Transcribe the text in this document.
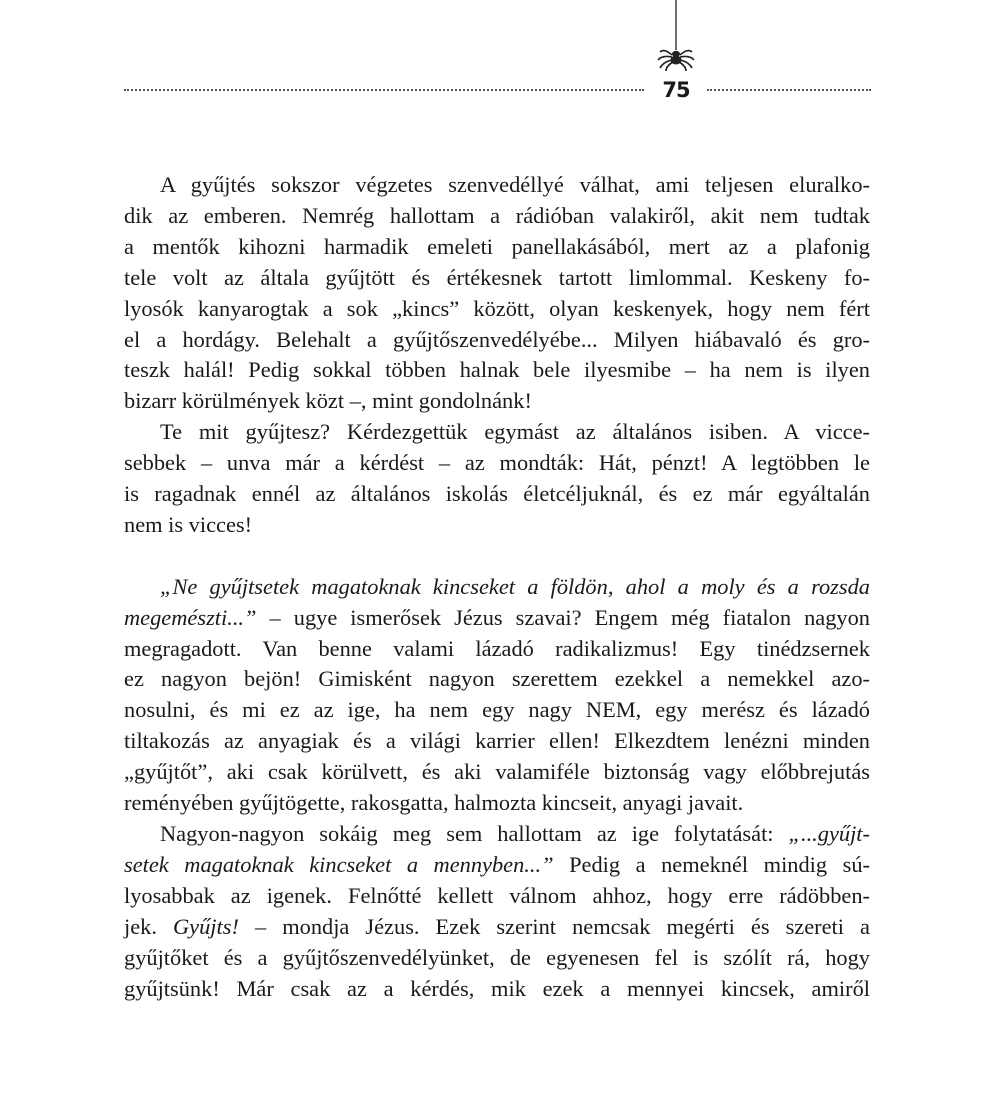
75
A gyűjtés sokszor végzetes szenvedéllyé válhat, ami teljesen eluralko-
dik az emberen. Nemrég hallottam a rádióban valakiről, akit nem tudtak
a mentők kihozni harmadik emeleti panellakásából, mert az a plafonig
tele volt az általa gyűjtött és értékesnek tartott limlommal. Keskeny fo-
lyosók kanyarogtak a sok „kincs” között, olyan keskenyek, hogy nem fért
el a hordágy. Belehalt a gyűjtőszenvedélyébe... Milyen hiábavaló és gro-
teszk halál! Pedig sokkal többen halnak bele ilyesmibe – ha nem is ilyen
bizarr körülmények közt –, mint gondolnánk!
Te mit gyűjtesz? Kérdezgettük egymást az általános isiben. A vicce-
sebbek – unva már a kérdést – az mondták: Hát, pénzt! A legtöbben le
is ragadnak ennél az általános iskolás életcéljuknál, és ez már egyáltalán
nem is vicces!
„Ne gyűjtsetek magatoknak kincseket a földön, ahol a moly és a rozsda
megemészti...” – ugye ismerősek Jézus szavai? Engem még fiatalon nagyon
megragadott. Van benne valami lázadó radikalizmus! Egy tinédzsernek
ez nagyon bejön! Gimisként nagyon szerettem ezekkel a nemekkel azo-
nosulni, és mi ez az ige, ha nem egy nagy NEM, egy merész és lázadó
tiltakozás az anyagiak és a világi karrier ellen! Elkezdtem lenézni minden
„gyűjtőt”, aki csak körülvett, és aki valamiféle biztonság vagy előbbrejutás
reményében gyűjtögette, rakosgatta, halmozta kincseit, anyagi javait.
Nagyon-nagyon sokáig meg sem hallottam az ige folytatását: „...gyűjt-
setek magatoknak kincseket a mennyben...” Pedig a nemeknél mindig sú-
lyosabbak az igenek. Felnőtté kellett válnom ahhoz, hogy erre rádöbben-
jek. Gyűjts! – mondja Jézus. Ezek szerint nemcsak megérti és szereti a
gyűjtőket és a gyűjtőszenvedélyünket, de egyenesen fel is szólít rá, hogy
gyűjtsünk! Már csak az a kérdés, mik ezek a mennyei kincsek, amiről
